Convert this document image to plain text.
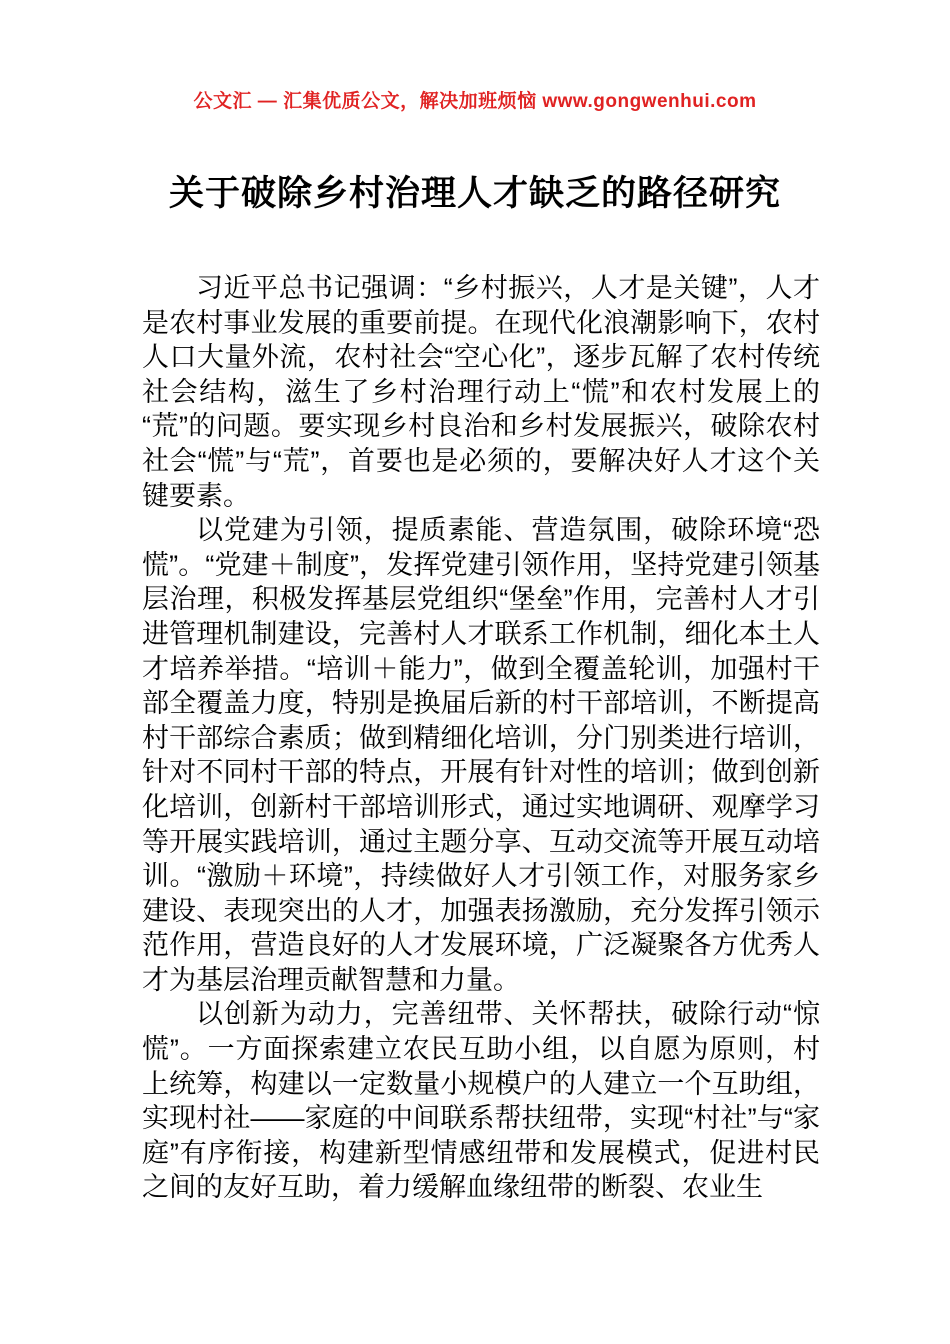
公文汇 — 汇集优质公文，解决加班烦恼 www.gongwenhui.com
关于破除乡村治理人才缺乏的路径研究

习近平总书记强调：“乡村振兴，人才是关键”，人才是农村事业发展的重要前提。在现代化浪潮影响下，农村人口大量外流，农村社会“空心化”，逐步瓦解了农村传统社会结构，滋生了乡村治理行动上“慌”和农村发展上的“荒”的问题。要实现乡村良治和乡村发展振兴，破除农村社会“慌”与“荒”，首要也是必须的，要解决好人才这个关键要素。

以党建为引领，提质素能、营造氛围，破除环境“恐慌”。“党建＋制度”，发挥党建引领作用，坚持党建引领基层治理，积极发挥基层党组织“堡垒”作用，完善村人才引进管理机制建设，完善村人才联系工作机制，细化本土人才培养举措。“培训＋能力”，做到全覆盖轮训，加强村干部全覆盖力度，特别是换届后新的村干部培训，不断提高村干部综合素质；做到精细化培训，分门别类进行培训，针对不同村干部的特点，开展有针对性的培训；做到创新化培训，创新村干部培训形式，通过实地调研、观摩学习等开展实践培训，通过主题分享、互动交流等开展互动培训。“激励＋环境”，持续做好人才引领工作，对服务家乡建设、表现突出的人才，加强表扬激励，充分发挥引领示范作用，营造良好的人才发展环境，广泛凝聚各方优秀人才为基层治理贡献智慧和力量。

以创新为动力，完善纽带、关怀帮扶，破除行动“惊慌”。一方面探索建立农民互助小组，以自愿为原则，村上统筹，构建以一定数量小规模户的人建立一个互助组，实现村社——家庭的中间联系帮扶纽带，实现“村社”与“家庭”有序衔接，构建新型情感纽带和发展模式，促进村民之间的友好互助，着力缓解血缘纽带的断裂、农业生
